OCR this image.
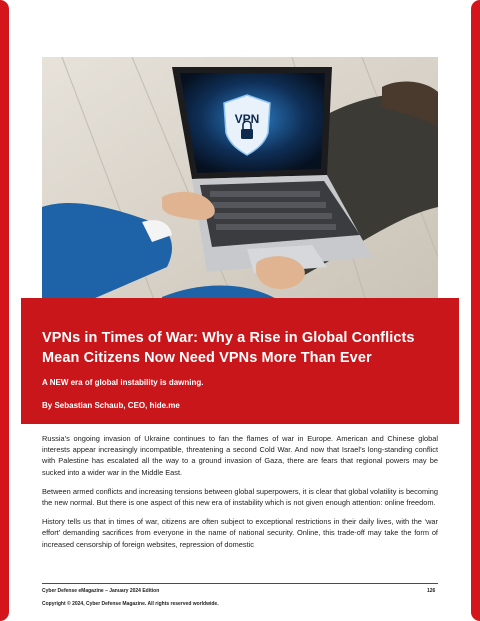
VPN
VPNs in Times of War: Why a Rise in Global Conflicts Mean Citizens Now Need VPNs More Than Ever

A NEW era of global instability is dawning.

By Sebastian Schaub, CEO, hide.me

Russia’s ongoing invasion of Ukraine continues to fan the flames of war in Europe. American and Chinese global interests appear increasingly incompatible, threatening a second Cold War. And now that Israel’s long-standing conflict with Palestine has escalated all the way to a ground invasion of Gaza, there are fears that regional powers may be sucked into a wider war in the Middle East.

Between armed conflicts and increasing tensions between global superpowers, it is clear that global volatility is becoming the new normal. But there is one aspect of this new era of instability which is not given enough attention: online freedom.

History tells us that in times of war, citizens are often subject to exceptional restrictions in their daily lives, with the ‘war effort’ demanding sacrifices from everyone in the name of national security. Online, this trade-off may take the form of increased censorship of foreign websites, repression of domestic

Cyber Defense eMagazine – January 2024 Edition	126
Copyright © 2024, Cyber Defense Magazine. All rights reserved worldwide.
